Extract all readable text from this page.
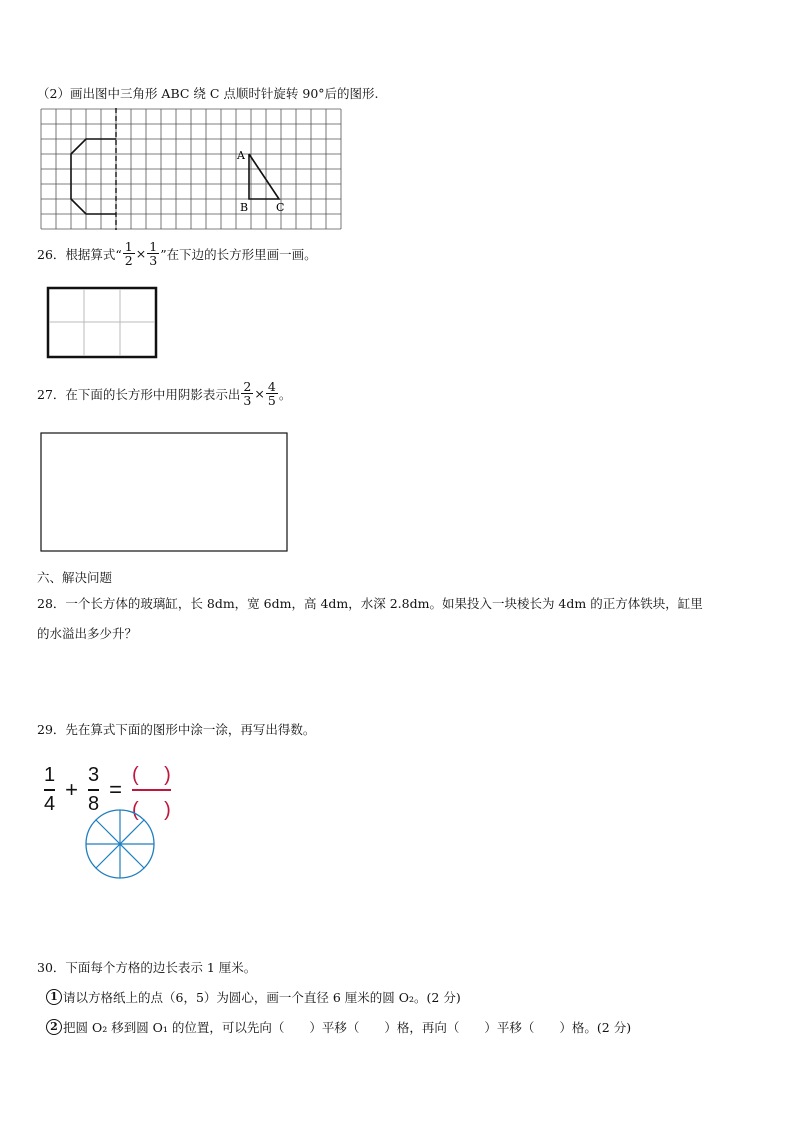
（2）画出图中三角形 ABC 绕 C 点顺时针旋转 90°后的图形.
A
B	C
26．根据算式“ $\frac{1}{2} \times \frac{1}{3}$ ”在下边的长方形里画一画。
27．在下面的长方形中用阴影表示出 $\frac{2}{3} \times \frac{4}{5}$ 。
六、解决问题
28．一个长方体的玻璃缸，长 8dm，宽 6dm，高 4dm，水深 2.8dm。如果投入一块棱长为 4dm 的正方体铁块，缸里
的水溢出多少升？
29．先在算式下面的图形中涂一涂，再写出得数。
1
4
+
3
8
=
(　 )
(　 )
30．下面每个方格的边长表示 1 厘米。
1 请以方格纸上的点（6，5）为圆心，画一个直径 6 厘米的圆 O₂。(2 分)
2 把圆 O₂ 移到圆 O₁ 的位置，可以先向（　　）平移（　　）格，再向（　　）平移（　　）格。(2 分)
